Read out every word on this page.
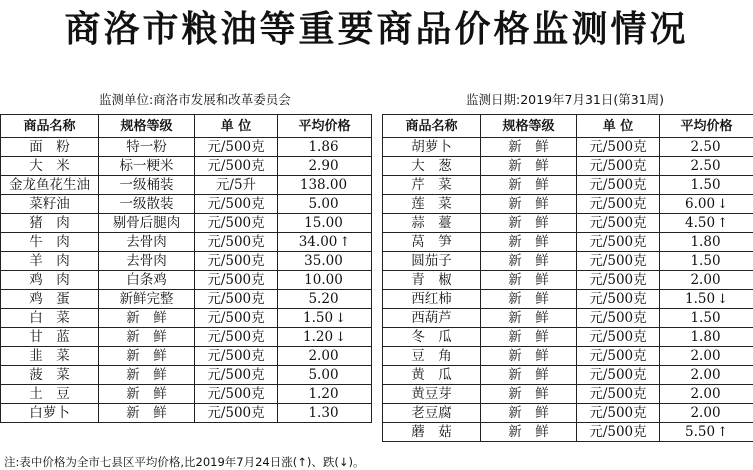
商洛市粮油等重要商品价格监测情况
监测单位:商洛市发展和改革委员会	监测日期:2019年7月31日(第31周)
商品名称	规格等级	单 位	平均价格
面　粉	特一粉	元/500克	1.86
大　米	标一粳米	元/500克	2.90
金龙鱼花生油	一级桶装	元/5升	138.00
菜籽油	一级散装	元/500克	5.00
猪　肉	剔骨后腿肉	元/500克	15.00
牛　肉	去骨肉	元/500克	34.00 ↑
羊　肉	去骨肉	元/500克	35.00
鸡　肉	白条鸡	元/500克	10.00
鸡　蛋	新鲜完整	元/500克	5.20
白　菜	新　鲜	元/500克	1.50 ↓
甘　蓝	新　鲜	元/500克	1.20 ↓
韭　菜	新　鲜	元/500克	2.00
菠　菜	新　鲜	元/500克	5.00
土　豆	新　鲜	元/500克	1.20
白萝卜	新　鲜	元/500克	1.30
商品名称	规格等级	单 位	平均价格
胡萝卜	新　鲜	元/500克	2.50
大　葱	新　鲜	元/500克	2.50
芹　菜	新　鲜	元/500克	1.50
莲　菜	新　鲜	元/500克	6.00 ↓
蒜　薹	新　鲜	元/500克	4.50 ↑
莴　笋	新　鲜	元/500克	1.80
圆茄子	新　鲜	元/500克	1.50
青　椒	新　鲜	元/500克	2.00
西红柿	新　鲜	元/500克	1.50 ↓
西葫芦	新　鲜	元/500克	1.50
冬　瓜	新　鲜	元/500克	1.80
豆　角	新　鲜	元/500克	2.00
黄　瓜	新　鲜	元/500克	2.00
黄豆芽	新　鲜	元/500克	2.00
老豆腐	新　鲜	元/500克	2.00
蘑　菇	新　鲜	元/500克	5.50 ↑
注:表中价格为全市七县区平均价格,比2019年7月24日涨(↑)、跌(↓)。
